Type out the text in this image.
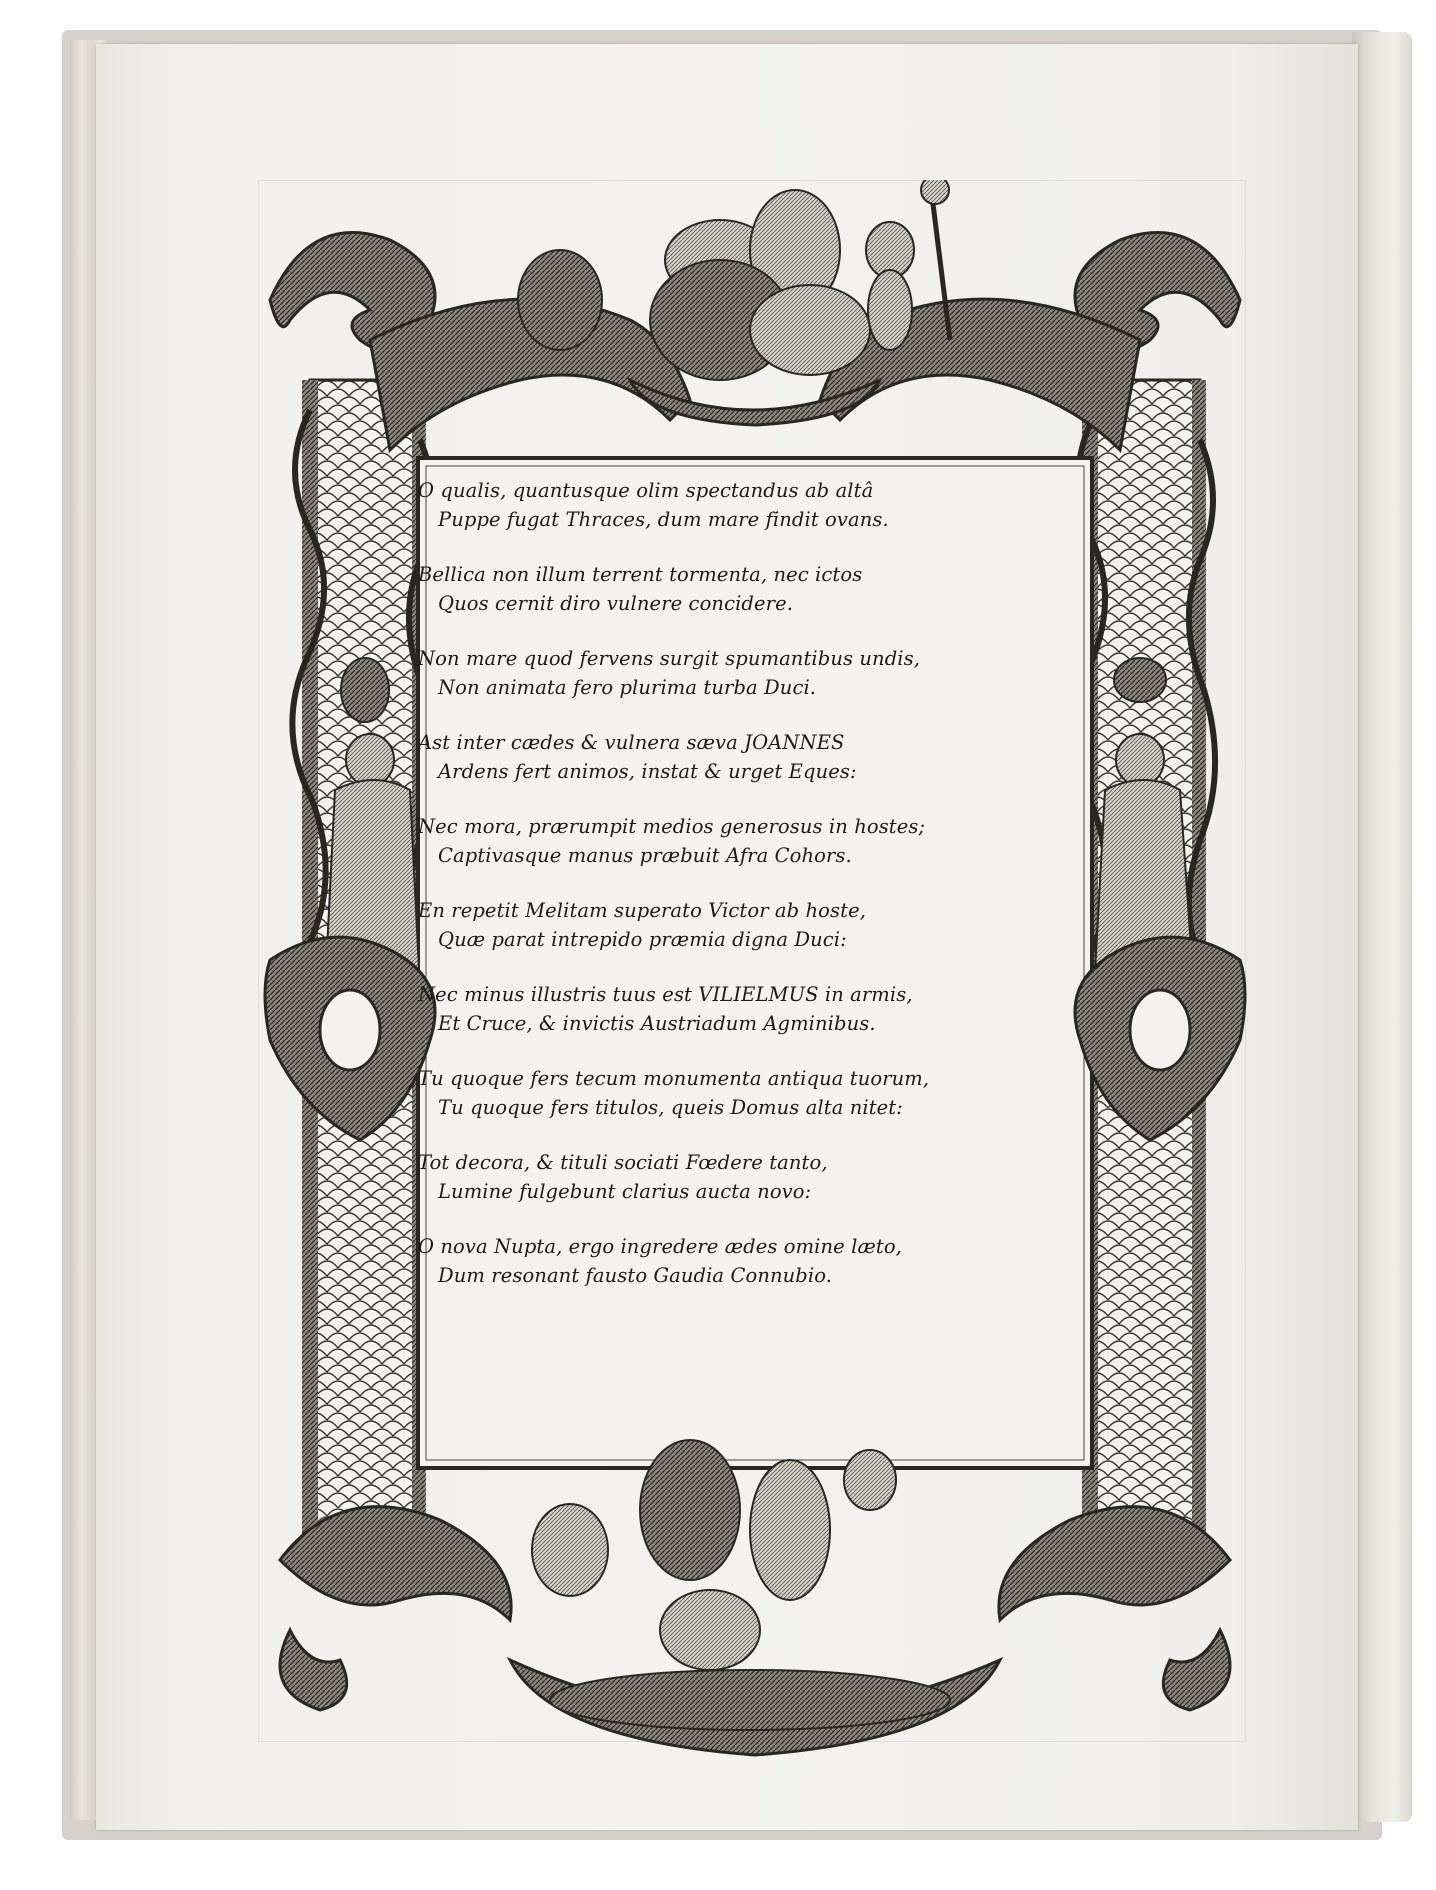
O qualis, quantusque olim spectandus ab altâ
Puppe fugat Thraces, dum mare findit ovans.
Bellica non illum terrent tormenta, nec ictos
Quos cernit diro vulnere concidere.
Non mare quod fervens surgit spumantibus undis,
Non animata fero plurima turba Duci.
Ast inter cædes & vulnera sæva JOANNES
Ardens fert animos, instat & urget Eques:
Nec mora, prærumpit medios generosus in hostes;
Captivasque manus præbuit Afra Cohors.
En repetit Melitam superato Victor ab hoste,
Quæ parat intrepido præmia digna Duci:
Nec minus illustris tuus est VILIELMUS in armis,
Et Cruce, & invictis Austriadum Agminibus.
Tu quoque fers tecum monumenta antiqua tuorum,
Tu quoque fers titulos, queis Domus alta nitet:
Tot decora, & tituli sociati Fœdere tanto,
Lumine fulgebunt clarius aucta novo:
O nova Nupta, ergo ingredere ædes omine læto,
Dum resonant fausto Gaudia Connubio.
